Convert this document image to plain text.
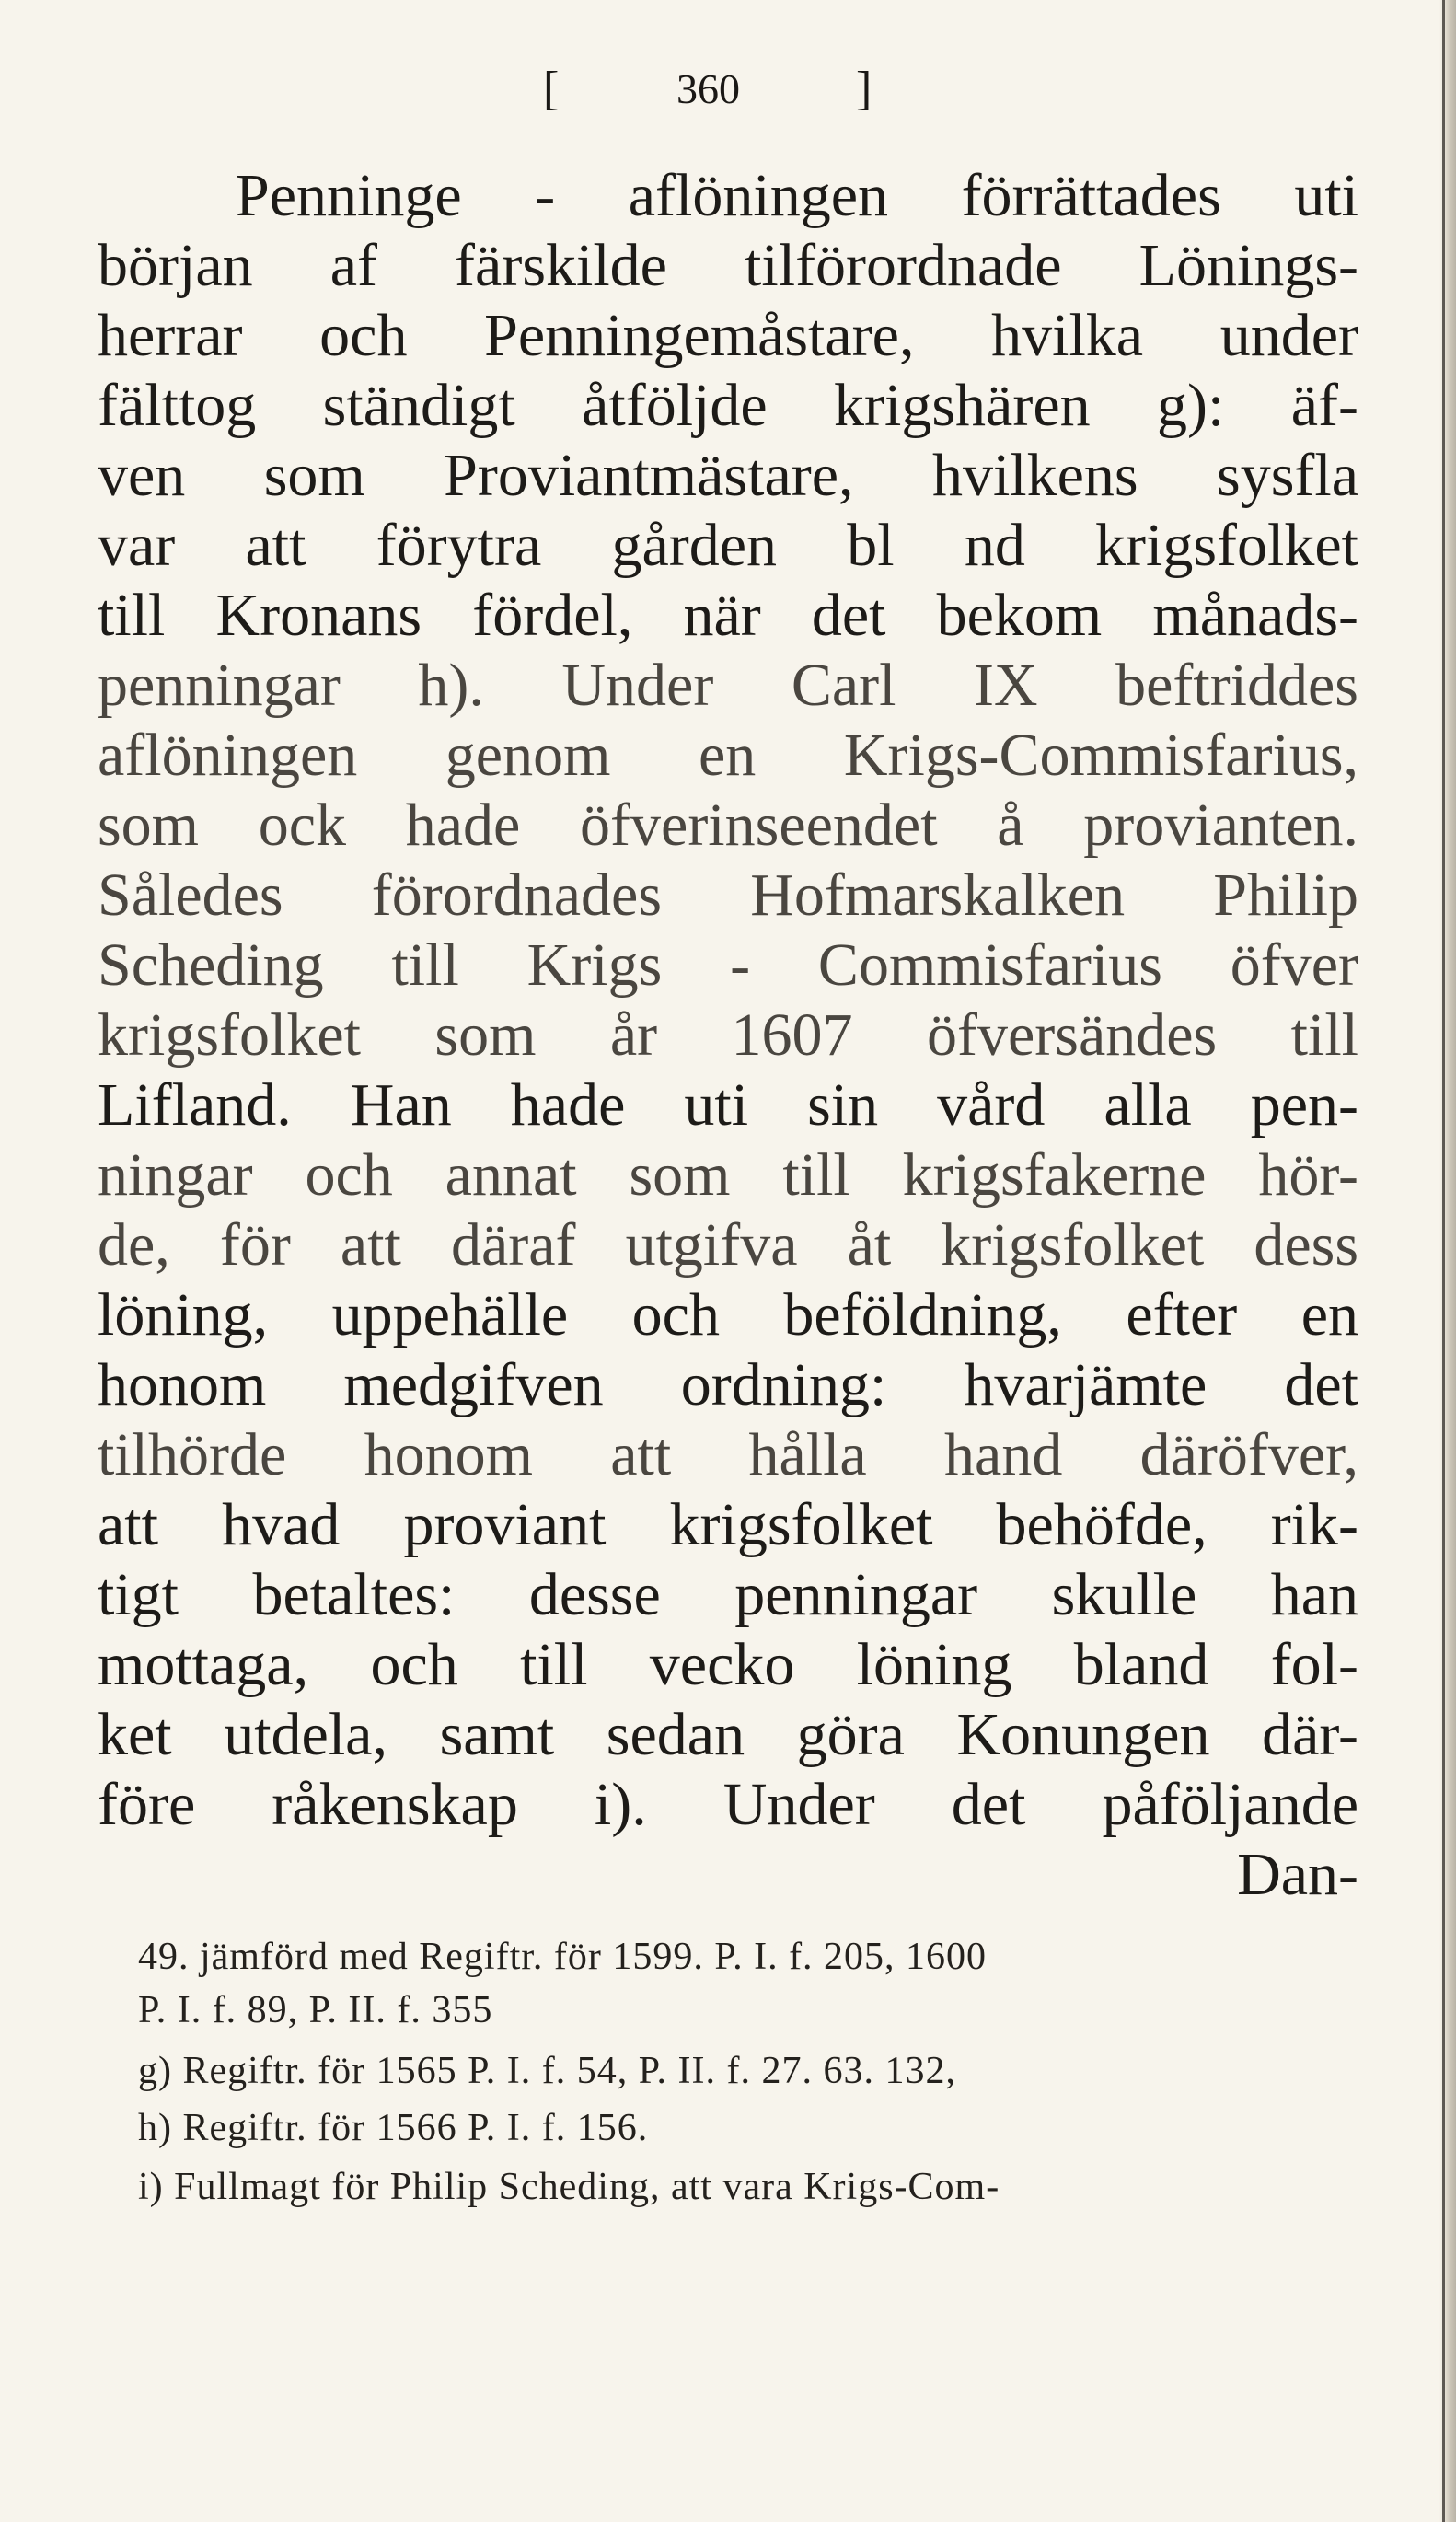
[	360 ]
Penninge - aflöningen förrättades uti
början af färskilde tilförordnade Lönings-
herrar och Penningemåstare, hvilka under
fälttog ständigt åtföljde krigshären g): äf-
ven som Proviantmästare, hvilkens sysfla
var att förytra gården bl nd krigsfolket
till Kronans fördel, när det bekom månads-
penningar h). Under Carl IX beftriddes
aflöningen genom en Krigs-Commisfarius,
som ock hade öfverinseendet å provianten.
Således förordnades Hofmarskalken Philip
Scheding till Krigs - Commisfarius öfver
krigsfolket som år 1607 öfversändes till
Lifland. Han hade uti sin vård alla pen-
ningar och annat som till krigsfakerne hör-
de, för att däraf utgifva åt krigsfolket dess
löning, uppehälle och beföldning, efter en
honom medgifven ordning: hvarjämte det
tilhörde honom att hålla hand däröfver,
att hvad proviant krigsfolket behöfde, rik-
tigt betaltes: desse penningar skulle han
mottaga, och till vecko löning bland fol-
ket utdela, samt sedan göra Konungen där-
före råkenskap i). Under det påföljande
Dan-
49. jämförd med Regiftr. för 1599. P. I. f. 205, 1600
P. I. f. 89, P. II. f. 355
g) Regiftr. för 1565 P. I. f. 54, P. II. f. 27. 63. 132,
h) Regiftr. för 1566 P. I. f. 156.
i) Fullmagt för Philip Scheding, att vara Krigs-Com-
